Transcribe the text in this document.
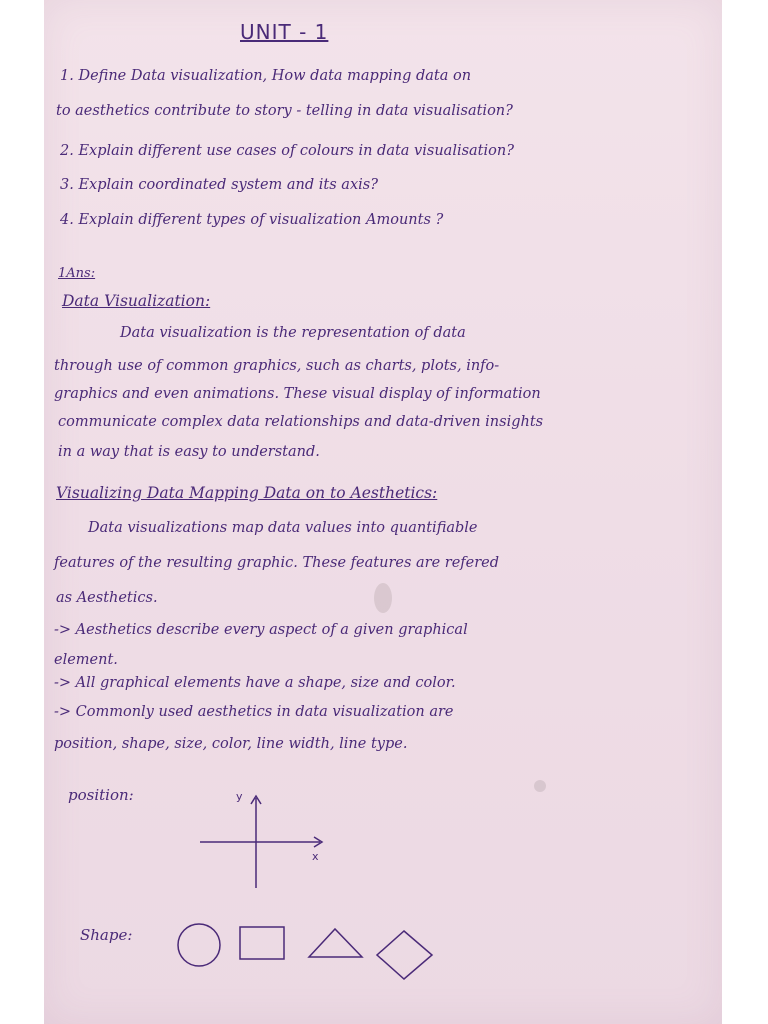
UNIT - 1
1. Define Data visualization, How data mapping data on
to aesthetics contribute to story - telling in data visualisation?
2. Explain different use cases of colours in data visualisation?
3. Explain coordinated system and its axis?
4. Explain different types of visualization Amounts ?
1Ans:
Data Visualization:
Data visualization is the representation of data
through use of common graphics, such as charts, plots, info-
graphics and even animations. These visual display of information
communicate complex data relationships and data-driven insights
in a way that is easy to understand.
Visualizing Data Mapping Data on to Aesthetics:
Data visualizations map data values into quantifiable
features of the resulting graphic. These features are refered
as Aesthetics.
-> Aesthetics describe every aspect of a given graphical
element.
-> All graphical elements have a shape, size and color.
-> Commonly used aesthetics in data visualization are
position, shape, size, color, line width, line type.
position:	y
x
Shape:
